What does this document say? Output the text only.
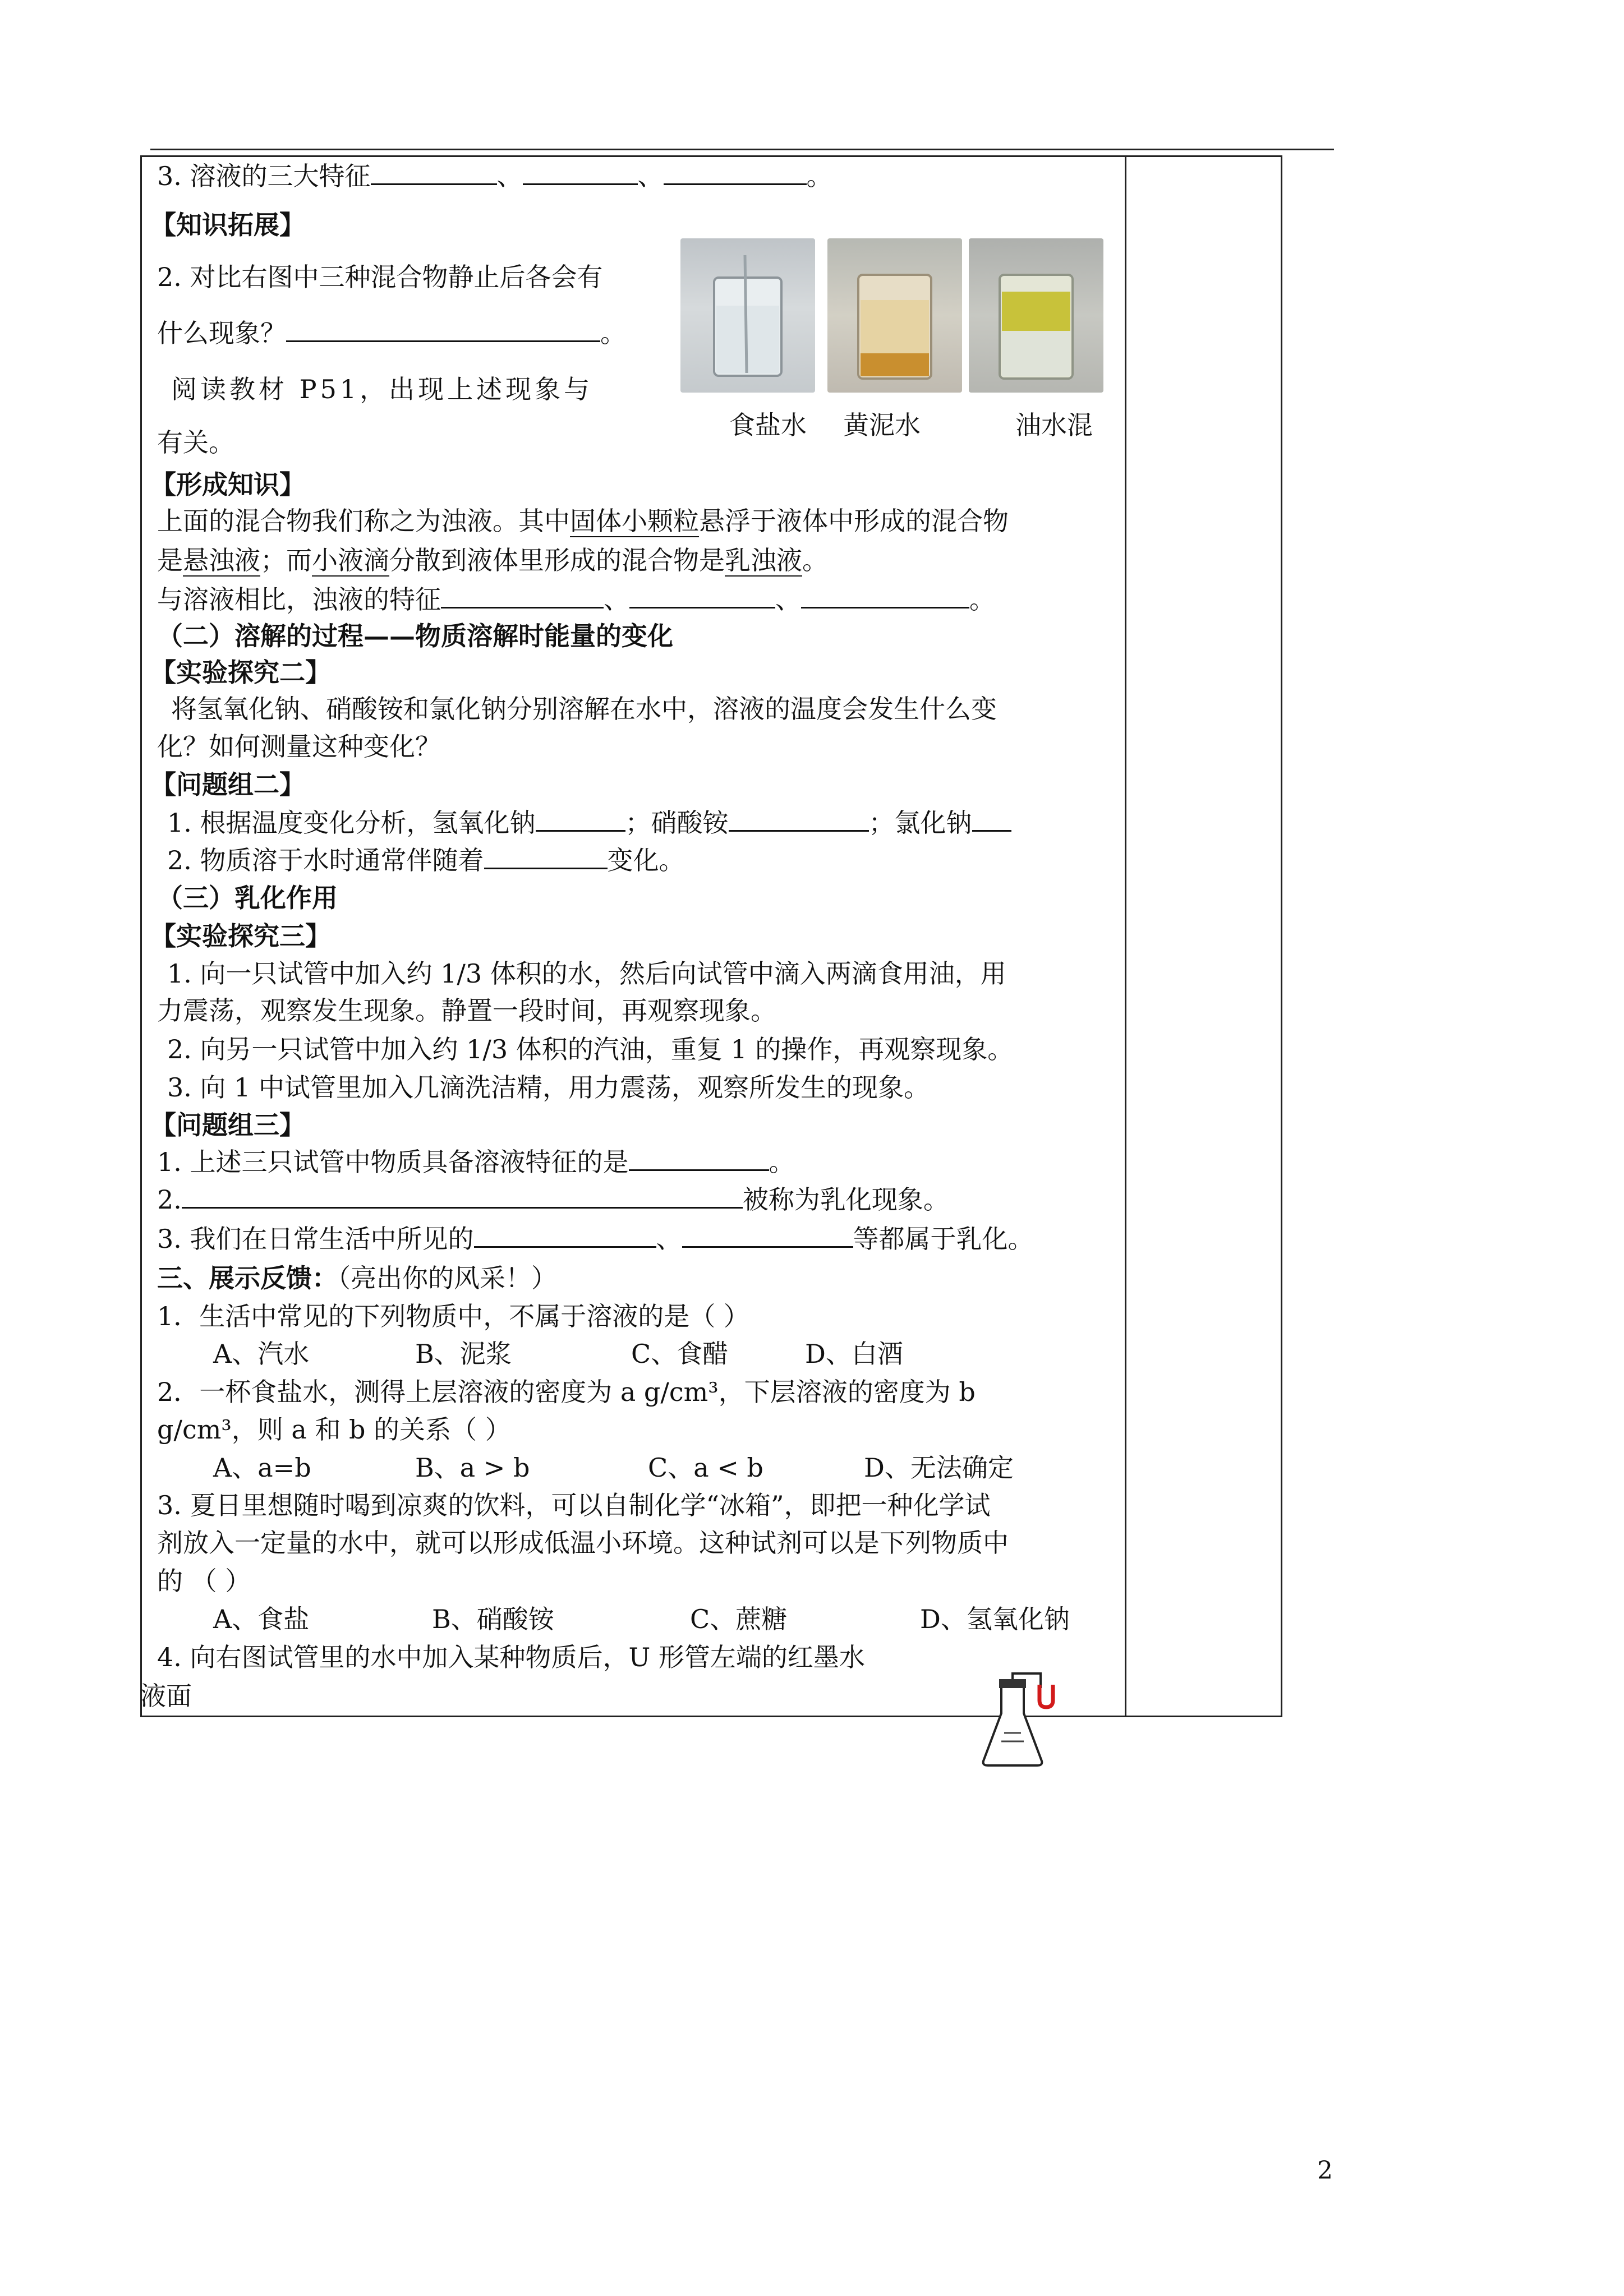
3. 溶液的三大特征	、	、	。
【知识拓展】
2. 对比右图中三种混合物静止后各会有
什么现象？	。
阅读教材 P51，出现上述现象与
有关。
食盐水 黄泥水	油水混
【形成知识】
上面的混合物我们称之为浊液。其中固体小颗粒悬浮于液体中形成的混合物
是悬浊液；而小液滴分散到液体里形成的混合物是乳浊液。
与溶液相比，浊液的特征	、	、	。
（二）溶解的过程——物质溶解时能量的变化
【实验探究二】
将氢氧化钠、硝酸铵和氯化钠分别溶解在水中，溶液的温度会发生什么变
化？如何测量这种变化？
【问题组二】
1. 根据温度变化分析，氢氧化钠	；硝酸铵	；氯化钠
2. 物质溶于水时通常伴随着	变化。
（三）乳化作用
【实验探究三】
1. 向一只试管中加入约 1/3 体积的水，然后向试管中滴入两滴食用油，用
力震荡，观察发生现象。静置一段时间，再观察现象。
2. 向另一只试管中加入约 1/3 体积的汽油，重复 1 的操作，再观察现象。
3. 向 1 中试管里加入几滴洗洁精，用力震荡，观察所发生的现象。
【问题组三】
1. 上述三只试管中物质具备溶液特征的是	。
2.	被称为乳化现象。
3. 我们在日常生活中所见的	、	等都属于乳化。
三、展示反馈：（亮出你的风采！）
1．生活中常见的下列物质中，不属于溶液的是（ ）
A、汽水	B、泥浆	C、食醋	D、白酒
2．一杯食盐水，测得上层溶液的密度为 a g/cm³，下层溶液的密度为 b
g/cm³，则 a 和 b 的关系（ ）
A、a=b	B、a > b	C、a < b	D、无法确定
3. 夏日里想随时喝到凉爽的饮料，可以自制化学“冰箱”，即把一种化学试
剂放入一定量的水中，就可以形成低温小环境。这种试剂可以是下列物质中
的 （ ）
A、食盐	B、硝酸铵	C、蔗糖	D、氢氧化钠
4. 向右图试管里的水中加入某种物质后，U 形管左端的红墨水
液面
2
